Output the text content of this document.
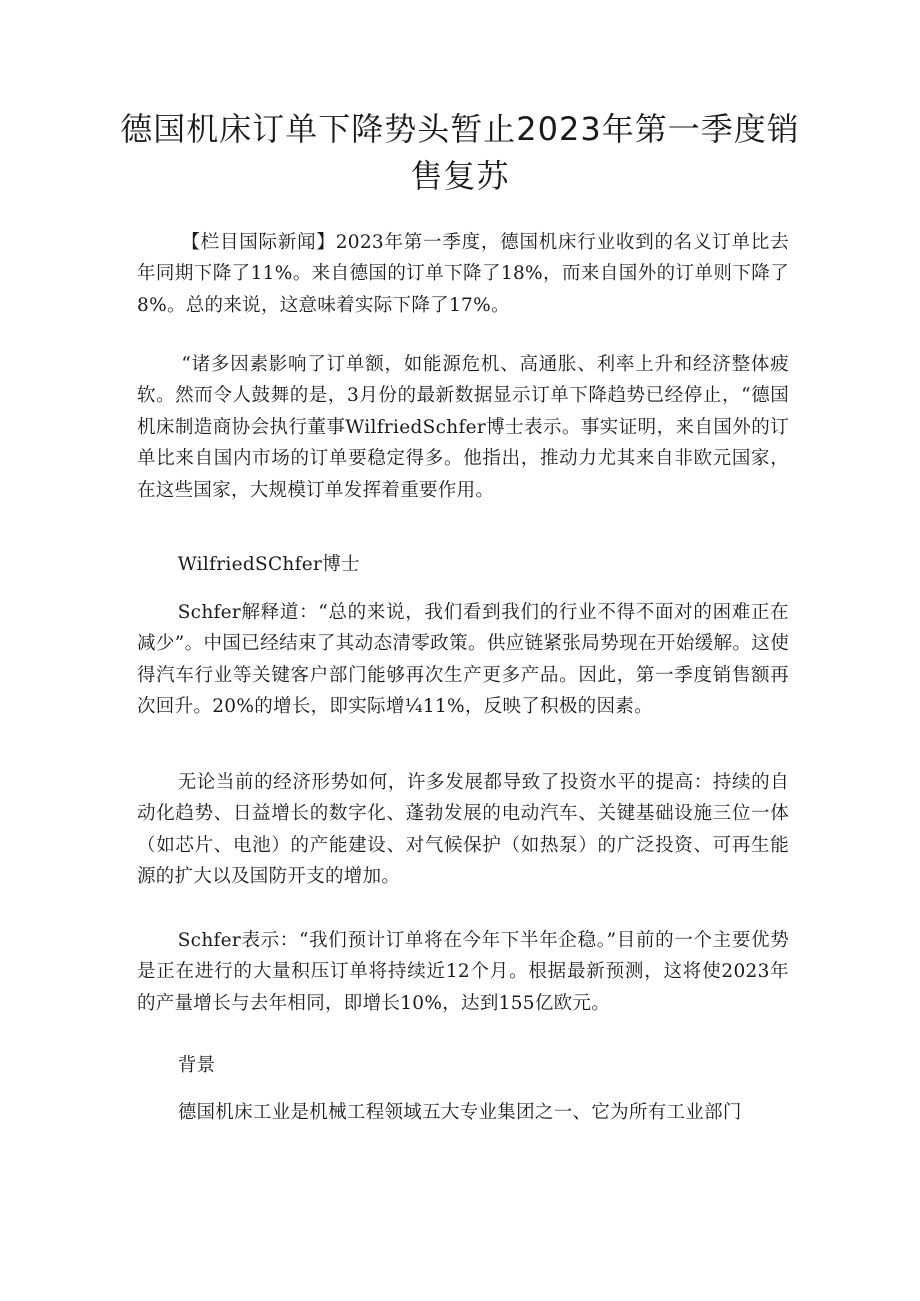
德国机床订单下降势头暂止2023年第一季度销售复苏

【栏目国际新闻】2023年第一季度，德国机床行业收到的名义订单比去年同期下降了11%。来自德国的订单下降了18%，而来自国外的订单则下降了8%。总的来说，这意味着实际下降了17%。

“诸多因素影响了订单额，如能源危机、高通胀、利率上升和经济整体疲软。然而令人鼓舞的是，3月份的最新数据显示订单下降趋势已经停止，“德国机床制造商协会执行董事WilfriedSchfer博士表示。事实证明，来自国外的订单比来自国内市场的订单要稳定得多。他指出，推动力尤其来自非欧元国家，在这些国家，大规模订单发挥着重要作用。

WilfriedSChfer博士

Schfer解释道：“总的来说，我们看到我们的行业不得不面对的困难正在减少”。中国已经结束了其动态清零政策。供应链紧张局势现在开始缓解。这使得汽车行业等关键客户部门能够再次生产更多产品。因此，第一季度销售额再次回升。20%的增长，即实际增¼11%，反映了积极的因素。

无论当前的经济形势如何，许多发展都导致了投资水平的提高：持续的自动化趋势、日益增长的数字化、蓬勃发展的电动汽车、关键基础设施三位一体（如芯片、电池）的产能建设、对气候保护（如热泵）的广泛投资、可再生能源的扩大以及国防开支的增加。

Schfer表示：“我们预计订单将在今年下半年企稳。”目前的一个主要优势是正在进行的大量积压订单将持续近12个月。根据最新预测，这将使2023年的产量增长与去年相同，即增长10%，达到155亿欧元。

背景

德国机床工业是机械工程领域五大专业集团之一、它为所有工业部门
